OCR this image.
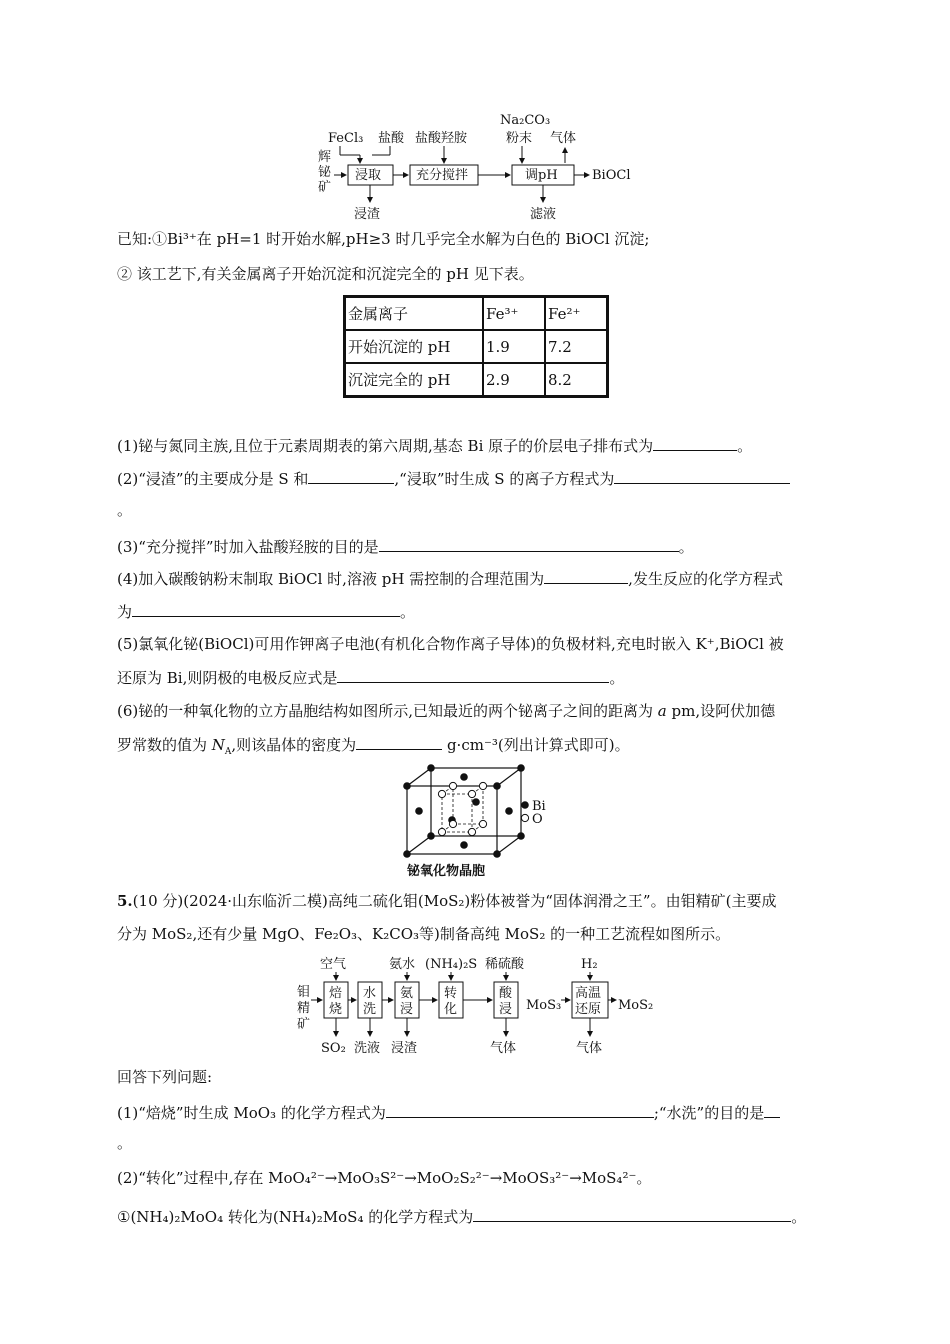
辉
铋
矿
FeCl₃ 盐酸 盐酸羟胺
Na₂CO₃
粉末 气体
浸取	充分搅拌	调pH	BiOCl
浸渣	滤液
已知:①Bi³⁺在 pH=1 时开始水解,pH≥3 时几乎完全水解为白色的 BiOCl 沉淀;
② 该工艺下,有关金属离子开始沉淀和沉淀完全的 pH 见下表。
金属离子	Fe³⁺	Fe²⁺
开始沉淀的 pH	1.9	7.2
沉淀完全的 pH	2.9	8.2
(1)铋与氮同主族,且位于元素周期表的第六周期,基态 Bi 原子的价层电子排布式为	。
(2)“浸渣”的主要成分是 S 和	,“浸取”时生成 S 的离子方程式为
。
(3)“充分搅拌”时加入盐酸羟胺的目的是	。
(4)加入碳酸钠粉末制取 BiOCl 时,溶液 pH 需控制的合理范围为	,发生反应的化学方程式
为	。
(5)氯氧化铋(BiOCl)可用作钾离子电池(有机化合物作离子导体)的负极材料,充电时嵌入 K⁺,BiOCl 被
还原为 Bi,则阴极的电极反应式是	。
(6)铋的一种氧化物的立方晶胞结构如图所示,已知最近的两个铋离子之间的距离为 a pm,设阿伏加德
罗常数的值为 $N_A$,则该晶体的密度为	g·cm⁻³(列出计算式即可)。
Bi
O
铋氧化物晶胞
5.(10 分)(2024·山东临沂二模)高纯二硫化钼(MoS₂)粉体被誉为“固体润滑之王”。由钼精矿(主要成
分为 MoS₂,还有少量 MgO、Fe₂O₃、K₂CO₃等)制备高纯 MoS₂ 的一种工艺流程如图所示。
钼
精
矿
空气	氨水 (NH₄)₂S 稀硫酸	H₂
焙
烧
水
洗
氨
浸
转
化
酸
浸
高温
还原
MoS₃	MoS₂
SO₂ 洗液 浸渣	气体	气体
回答下列问题:
(1)“焙烧”时生成 MoO₃ 的化学方程式为	;“水洗”的目的是
。
(2)“转化”过程中,存在 MoO₄²⁻→MoO₃S²⁻→MoO₂S₂²⁻→MoOS₃²⁻→MoS₄²⁻。
①(NH₄)₂MoO₄ 转化为(NH₄)₂MoS₄ 的化学方程式为	。
